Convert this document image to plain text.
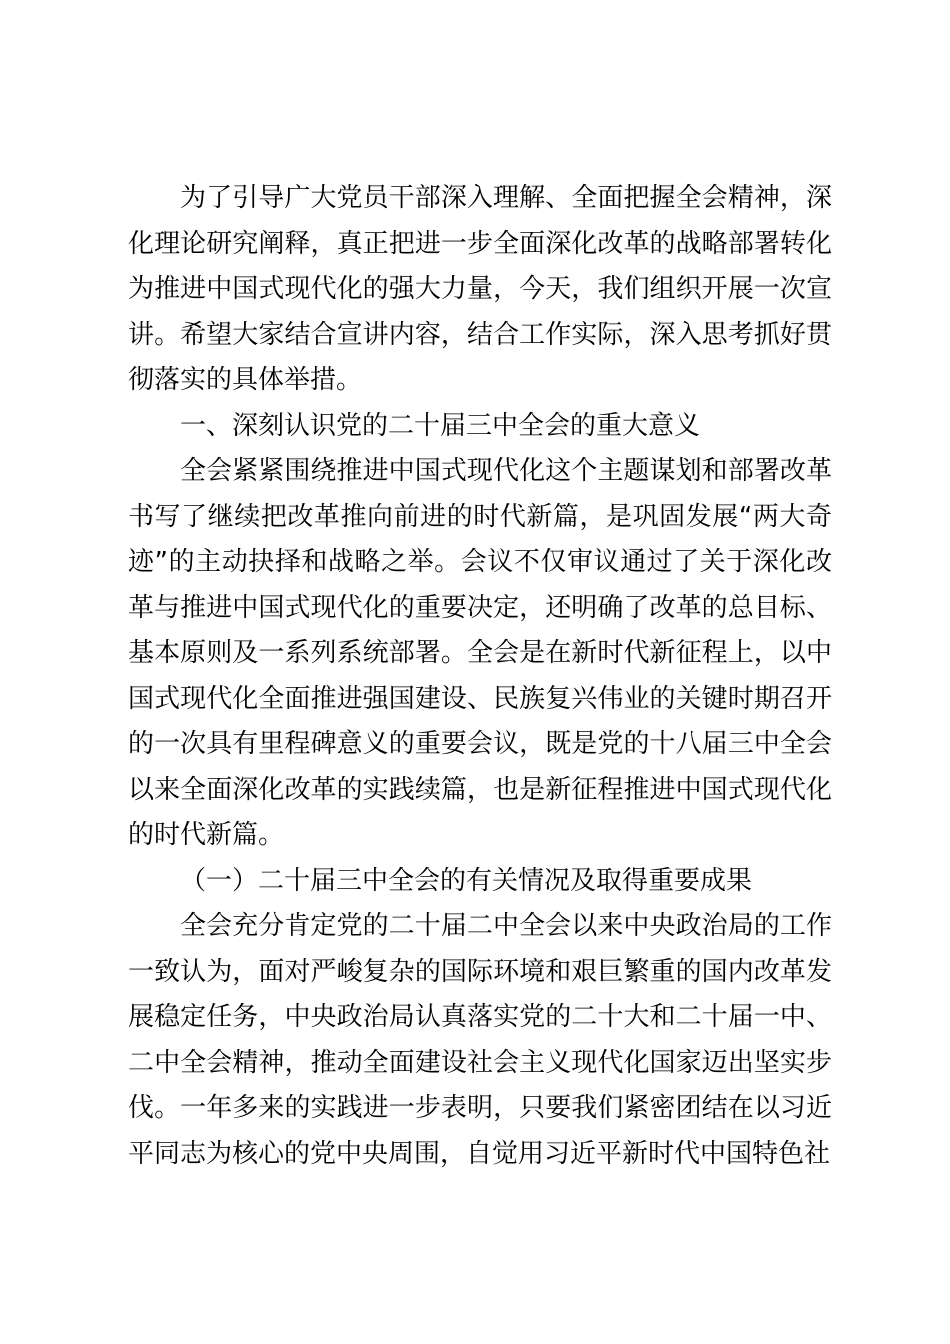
为了引导广大党员干部深入理解、全面把握全会精神，深化理论研究阐释，真正把进一步全面深化改革的战略部署转化为推进中国式现代化的强大力量，今天，我们组织开展一次宣讲。希望大家结合宣讲内容，结合工作实际，深入思考抓好贯彻落实的具体举措。

一、深刻认识党的二十届三中全会的重大意义

全会紧紧围绕推进中国式现代化这个主题谋划和部署改革书写了继续把改革推向前进的时代新篇，是巩固发展“两大奇迹”的主动抉择和战略之举。会议不仅审议通过了关于深化改革与推进中国式现代化的重要决定，还明确了改革的总目标、基本原则及一系列系统部署。全会是在新时代新征程上，以中国式现代化全面推进强国建设、民族复兴伟业的关键时期召开的一次具有里程碑意义的重要会议，既是党的十八届三中全会以来全面深化改革的实践续篇，也是新征程推进中国式现代化的时代新篇。

（一）二十届三中全会的有关情况及取得重要成果

全会充分肯定党的二十届二中全会以来中央政治局的工作一致认为，面对严峻复杂的国际环境和艰巨繁重的国内改革发展稳定任务，中央政治局认真落实党的二十大和二十届一中、二中全会精神，推动全面建设社会主义现代化国家迈出坚实步伐。一年多来的实践进一步表明，只要我们紧密团结在以习近平同志为核心的党中央周围，自觉用习近平新时代中国特色社
